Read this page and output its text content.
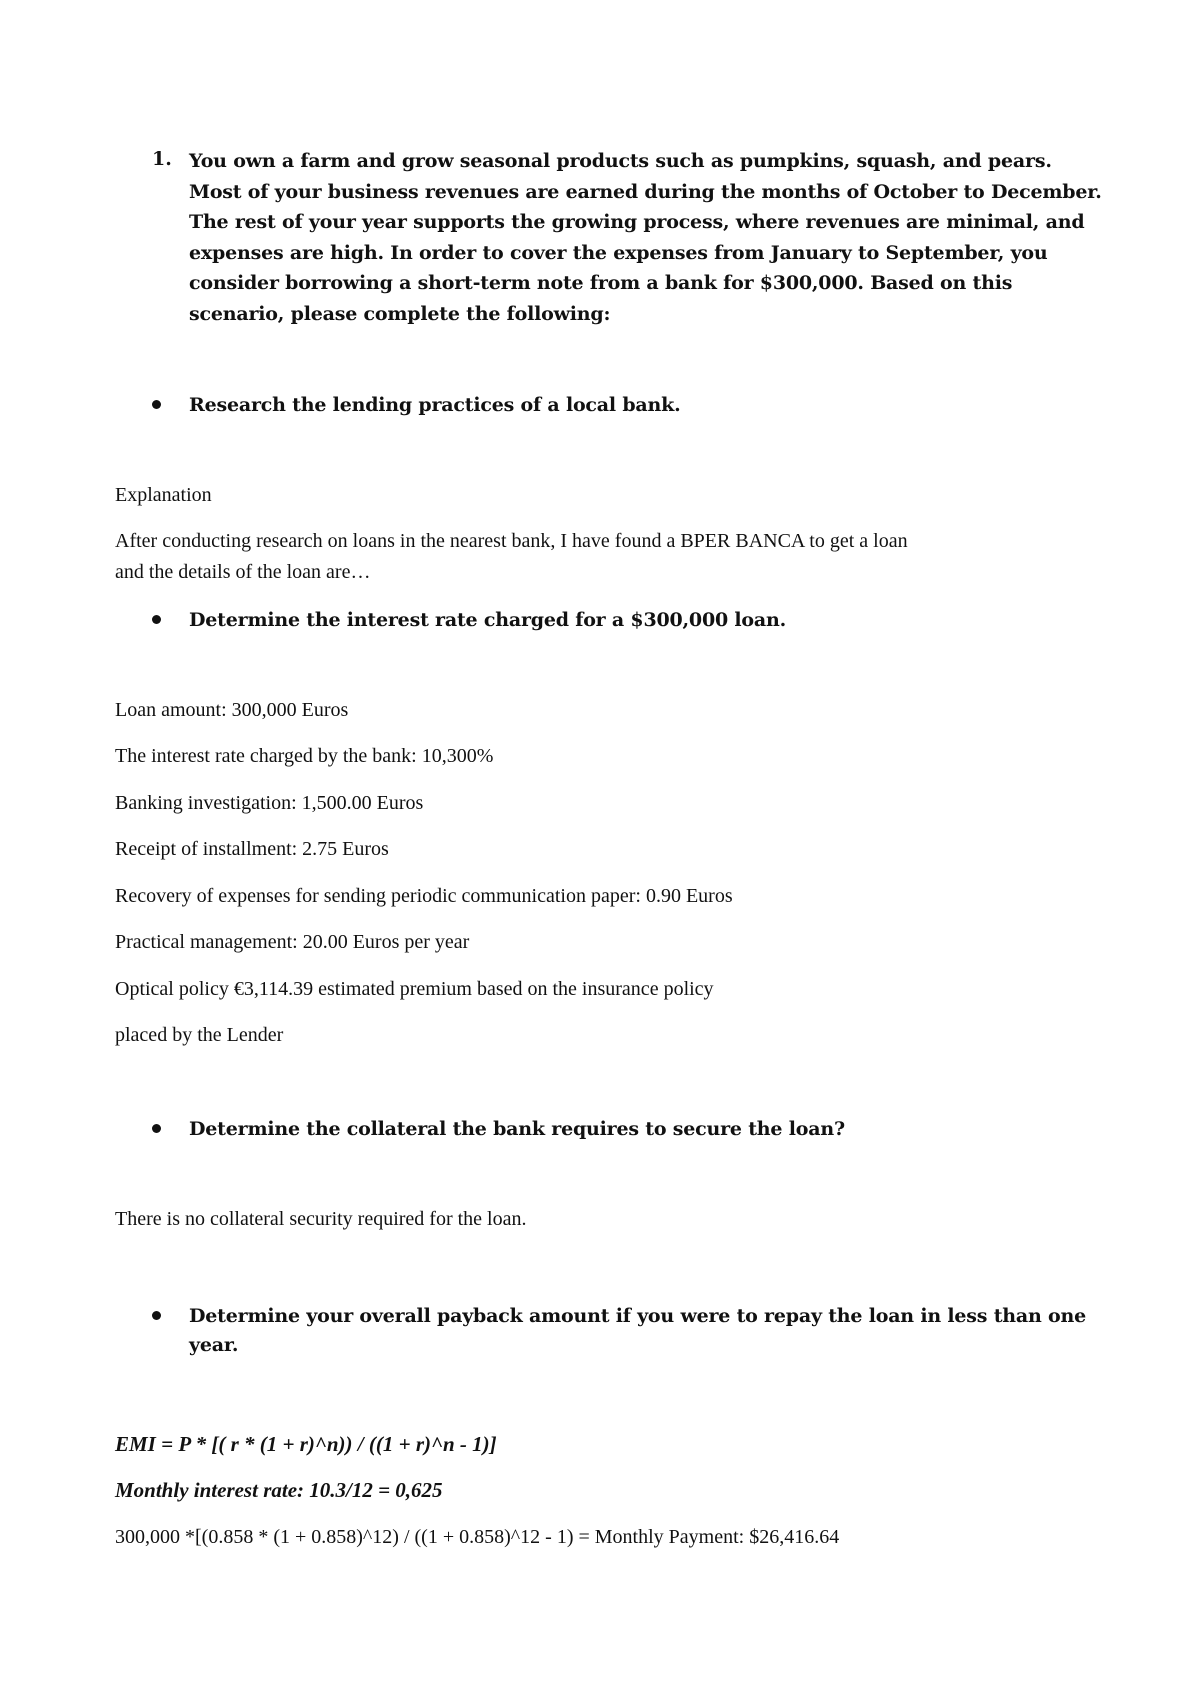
1. You own a farm and grow seasonal products such as pumpkins, squash, and pears.
Most of your business revenues are earned during the months of October to December.
The rest of your year supports the growing process, where revenues are minimal, and
expenses are high. In order to cover the expenses from January to September, you
consider borrowing a short-term note from a bank for $300,000. Based on this
scenario, please complete the following:
Research the lending practices of a local bank.
Explanation
After conducting research on loans in the nearest bank, I have found a BPER BANCA to get a loan
and the details of the loan are…
Determine the interest rate charged for a $300,000 loan.
Loan amount: 300,000 Euros
The interest rate charged by the bank: 10,300%
Banking investigation: 1,500.00 Euros
Receipt of installment: 2.75 Euros
Recovery of expenses for sending periodic communication paper: 0.90 Euros
Practical management: 20.00 Euros per year
Optical policy €3,114.39 estimated premium based on the insurance policy
placed by the Lender
Determine the collateral the bank requires to secure the loan?
There is no collateral security required for the loan.
Determine your overall payback amount if you were to repay the loan in less than one
year.
EMI = P * [( r * (1 + r)^n)) / ((1 + r)^n - 1)]
Monthly interest rate: 10.3/12 = 0,625
300,000 *[(0.858 * (1 + 0.858)^12) / ((1 + 0.858)^12 - 1) = Monthly Payment: $26,416.64
